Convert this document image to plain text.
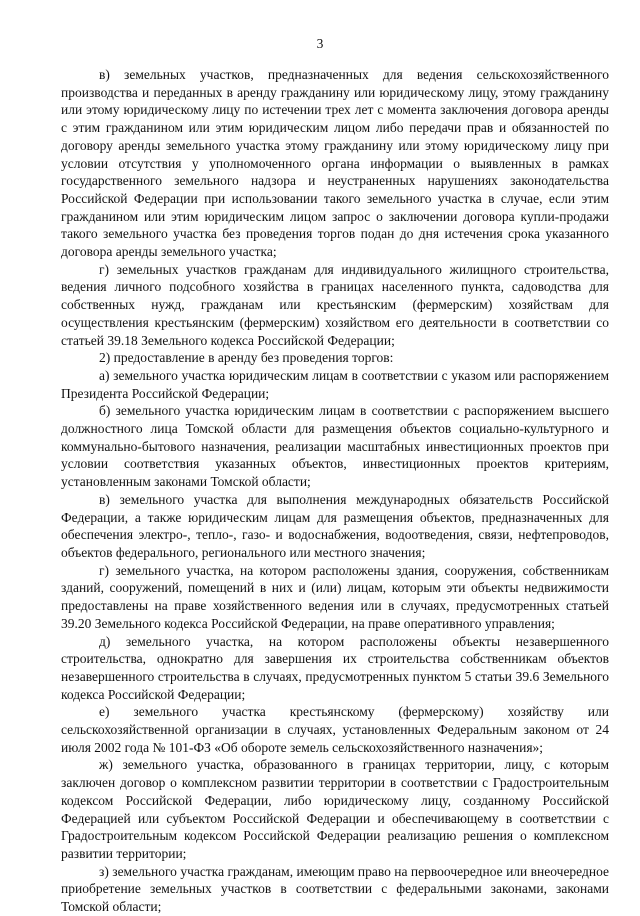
3

в) земельных участков, предназначенных для ведения сельскохозяйственного производства и переданных в аренду гражданину или юридическому лицу, этому гражданину или этому юридическому лицу по истечении трех лет с момента заключения договора аренды с этим гражданином или этим юридическим лицом либо передачи прав и обязанностей по договору аренды земельного участка этому гражданину или этому юридическому лицу при условии отсутствия у уполномоченного органа информации о выявленных в рамках государственного земельного надзора и неустраненных нарушениях законодательства Российской Федерации при использовании такого земельного участка в случае, если этим гражданином или этим юридическим лицом запрос о заключении договора купли-продажи такого земельного участка без проведения торгов подан до дня истечения срока указанного договора аренды земельного участка;

г) земельных участков гражданам для индивидуального жилищного строительства, ведения личного подсобного хозяйства в границах населенного пункта, садоводства для собственных нужд, гражданам или крестьянским (фермерским) хозяйствам для осуществления крестьянским (фермерским) хозяйством его деятельности в соответствии со статьей 39.18 Земельного кодекса Российской Федерации;

2) предоставление в аренду без проведения торгов:

а) земельного участка юридическим лицам в соответствии с указом или распоряжением Президента Российской Федерации;

б) земельного участка юридическим лицам в соответствии с распоряжением высшего должностного лица Томской области для размещения объектов социально-культурного и коммунально-бытового назначения, реализации масштабных инвестиционных проектов при условии соответствия указанных объектов, инвестиционных проектов критериям, установленным законами Томской области;

в) земельного участка для выполнения международных обязательств Российской Федерации, а также юридическим лицам для размещения объектов, предназначенных для обеспечения электро-, тепло-, газо- и водоснабжения, водоотведения, связи, нефтепроводов, объектов федерального, регионального или местного значения;

г) земельного участка, на котором расположены здания, сооружения, собственникам зданий, сооружений, помещений в них и (или) лицам, которым эти объекты недвижимости предоставлены на праве хозяйственного ведения или в случаях, предусмотренных статьей 39.20 Земельного кодекса Российской Федерации, на праве оперативного управления;

д) земельного участка, на котором расположены объекты незавершенного строительства, однократно для завершения их строительства собственникам объектов незавершенного строительства в случаях, предусмотренных пунктом 5 статьи 39.6 Земельного кодекса Российской Федерации;

е) земельного участка крестьянскому (фермерскому) хозяйству или сельскохозяйственной организации в случаях, установленных Федеральным законом от 24 июля 2002 года № 101-ФЗ «Об обороте земель сельскохозяйственного назначения»;

ж) земельного участка, образованного в границах территории, лицу, с которым заключен договор о комплексном развитии территории в соответствии с Градостроительным кодексом Российской Федерации, либо юридическому лицу, созданному Российской Федерацией или субъектом Российской Федерации и обеспечивающему в соответствии с Градостроительным кодексом Российской Федерации реализацию решения о комплексном развитии территории;

з) земельного участка гражданам, имеющим право на первоочередное или внеочередное приобретение земельных участков в соответствии с федеральными законами, законами Томской области;
